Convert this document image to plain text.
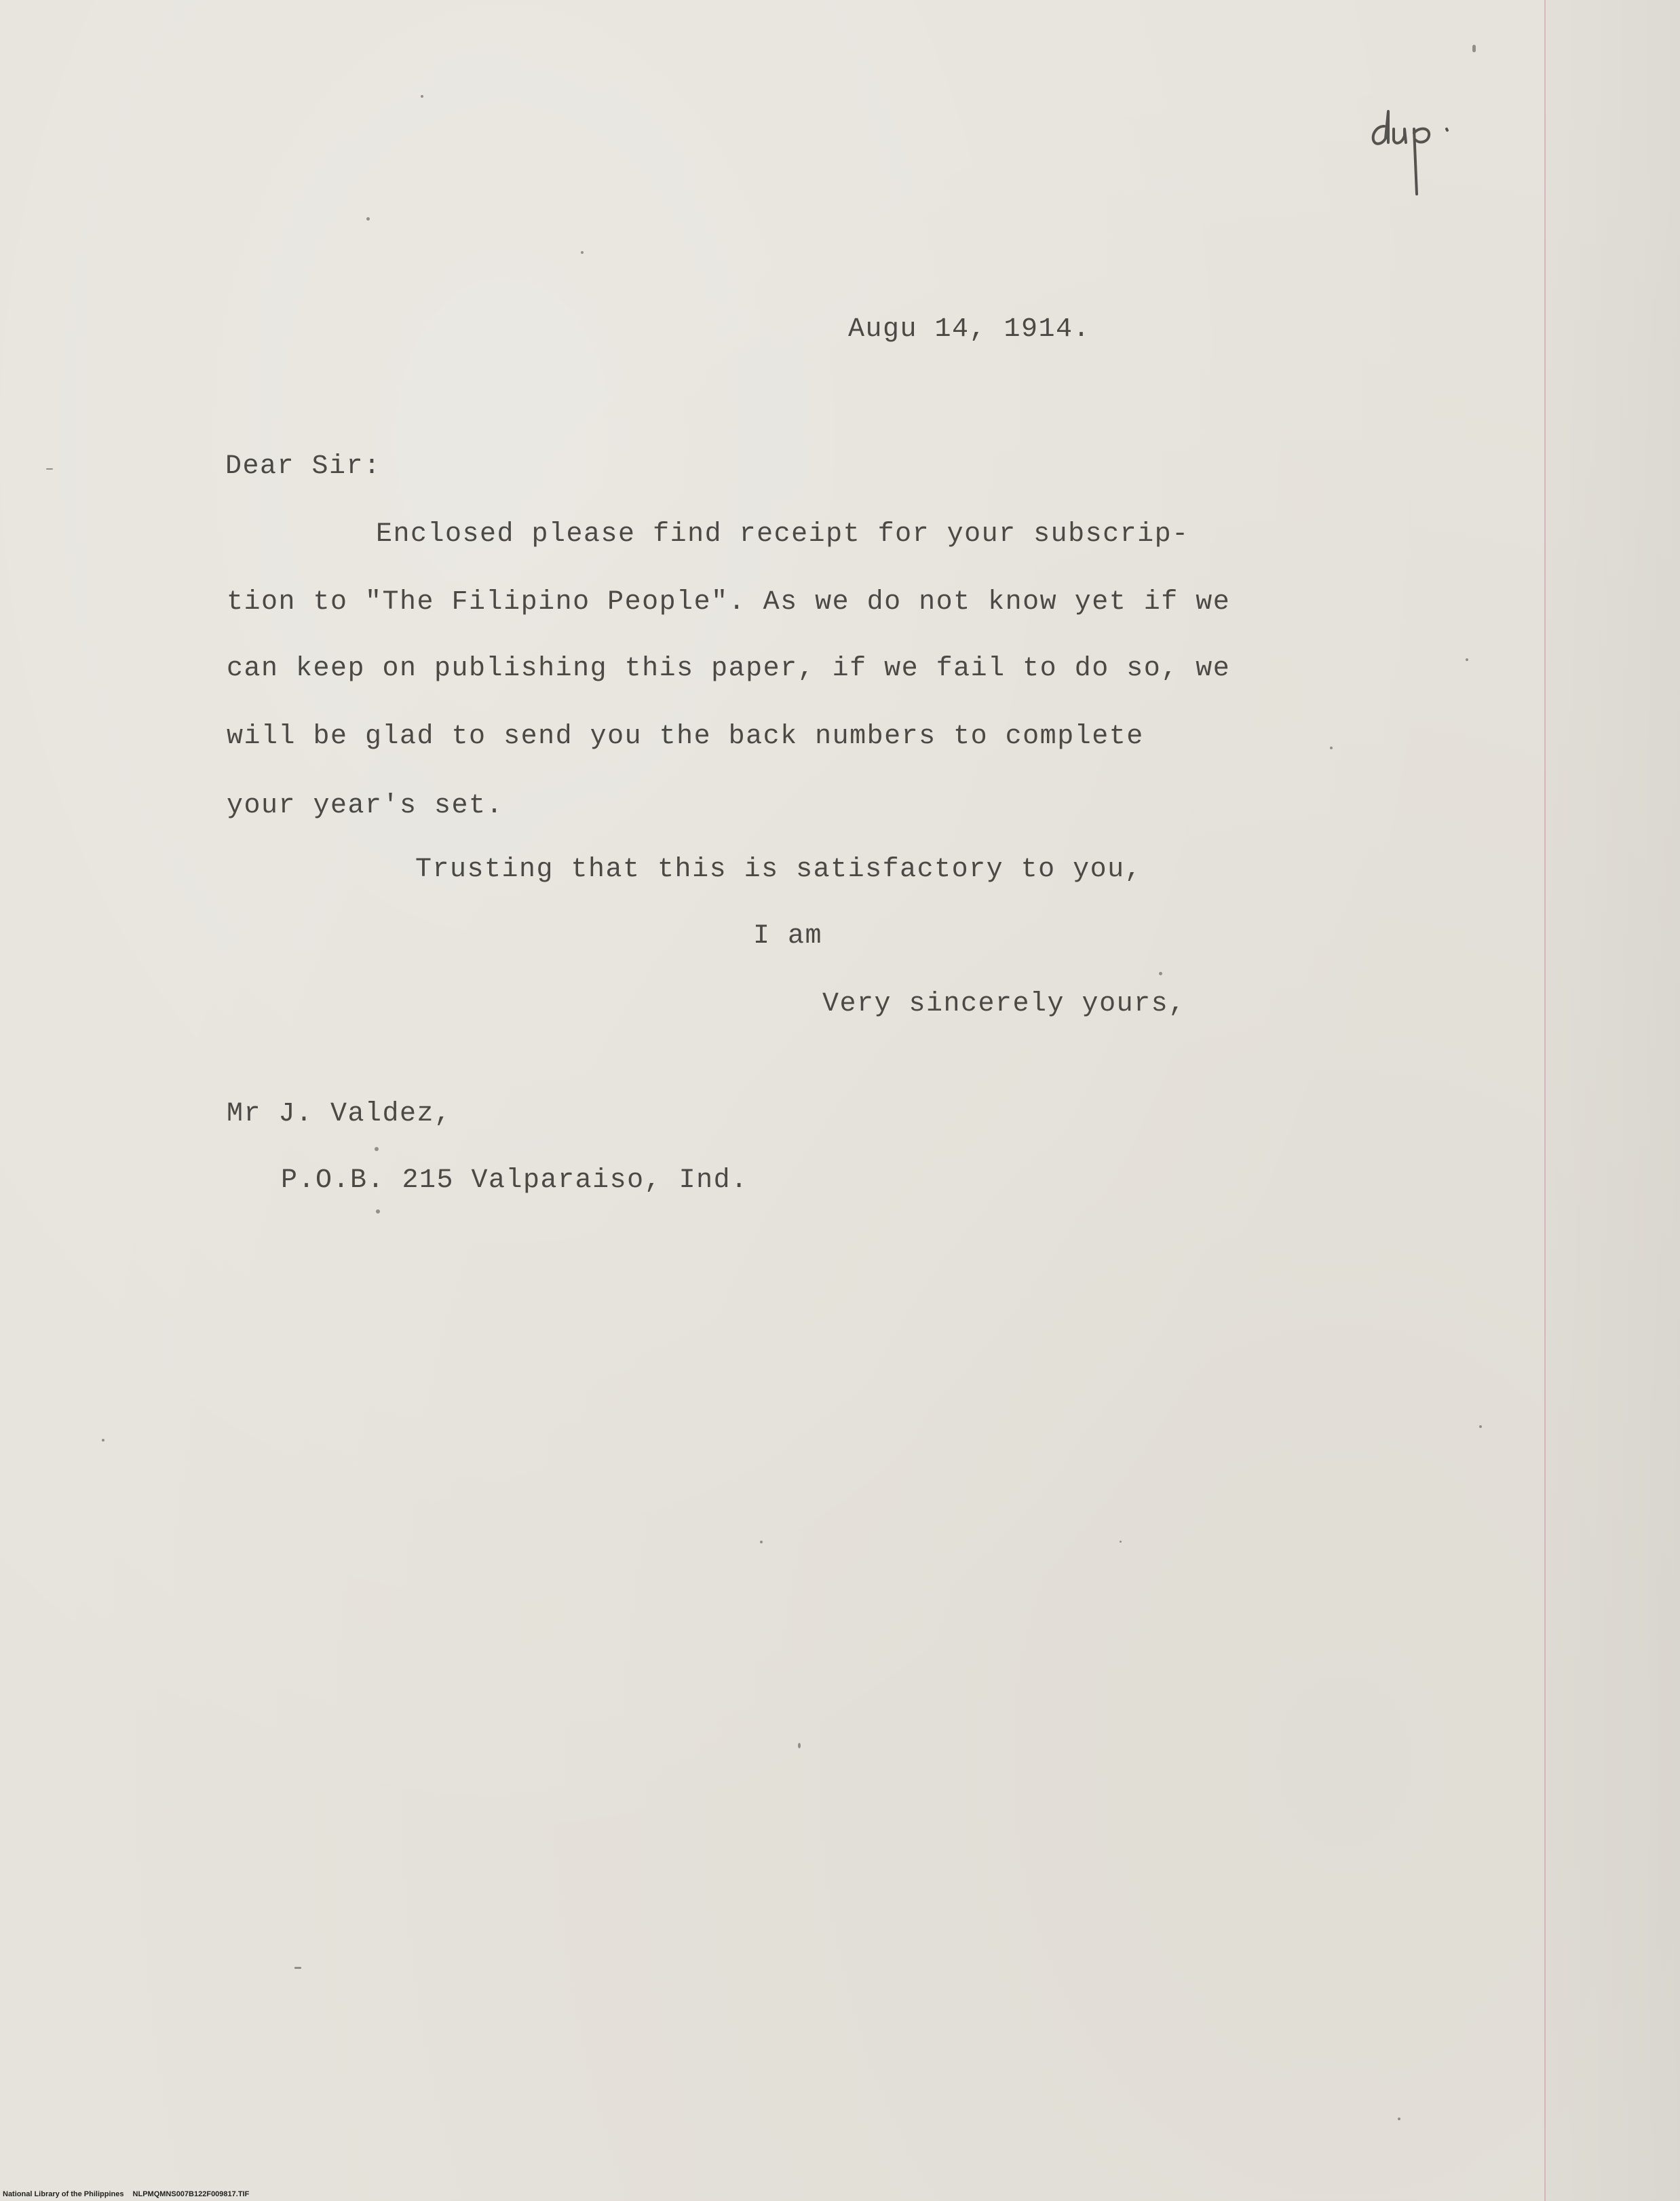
Augu 14, 1914.
Dear Sir:
Enclosed please find receipt for your subscrip-
tion to "The Filipino People". As we do not know yet if we
can keep on publishing this paper, if we fail to do so, we
will be glad to send you the back numbers to complete
your year's set.
Trusting that this is satisfactory to you,
I am
Very sincerely yours,
Mr J. Valdez,
P.O.B. 215 Valparaiso, Ind.
National Library of the Philippines NLPMQMNS007B122F009817.TIF
